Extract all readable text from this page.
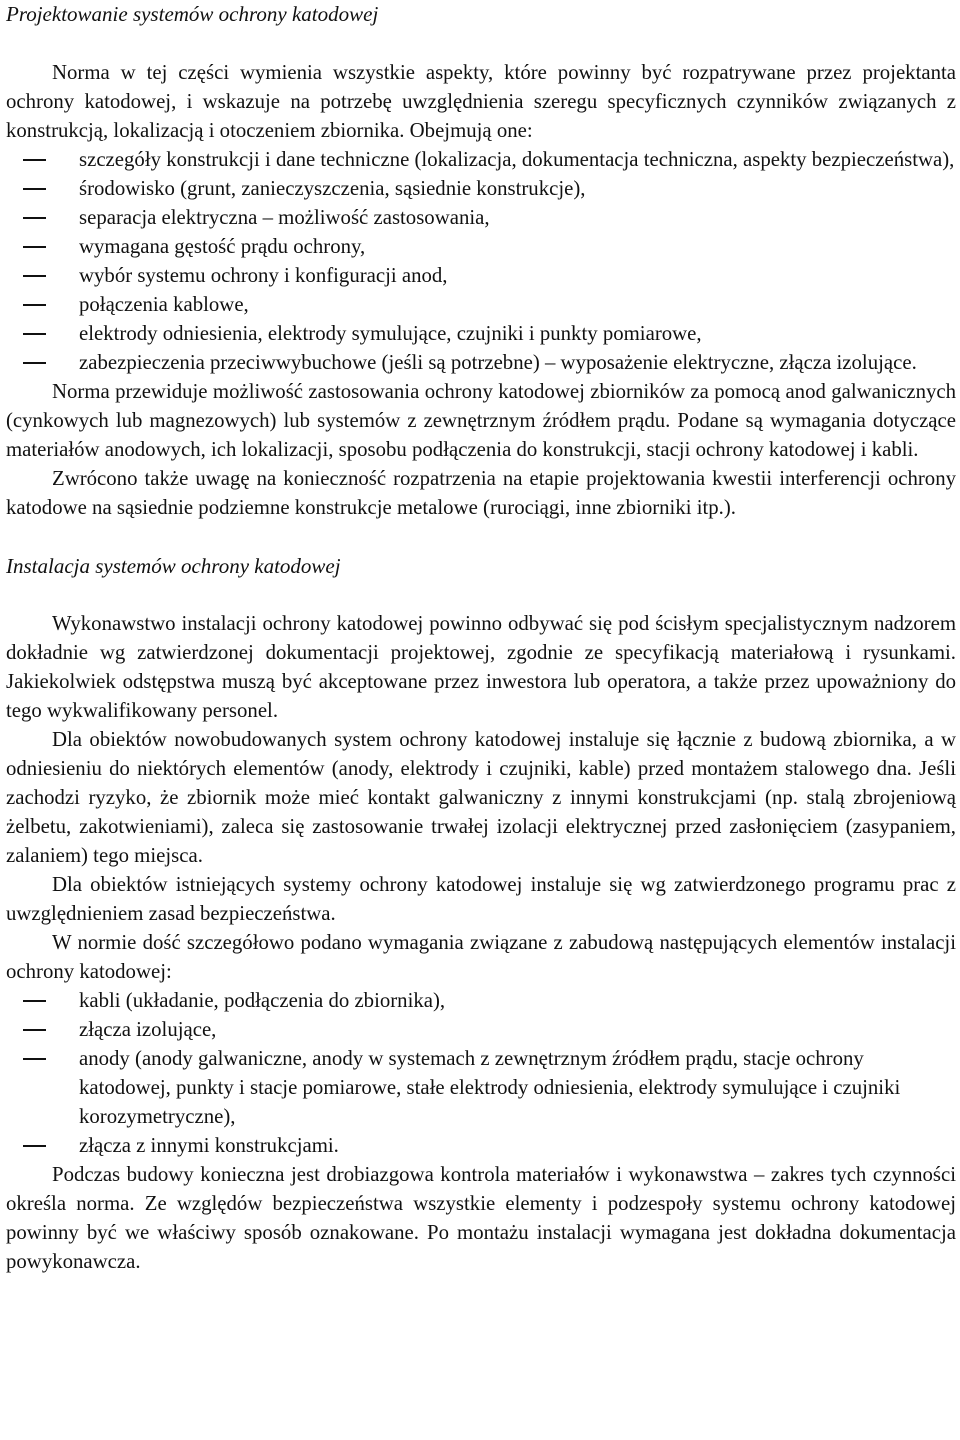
Projektowanie systemów ochrony katodowej

Norma w tej części wymienia wszystkie aspekty, które powinny być rozpatrywane przez projektanta ochrony katodowej, i wskazuje na potrzebę uwzględnienia szeregu specyficznych czynników związanych z konstrukcją, lokalizacją i otoczeniem zbiornika. Obejmują one:

szczegóły konstrukcji i dane techniczne (lokalizacja, dokumentacja techniczna, aspekty bezpieczeństwa),
środowisko (grunt, zanieczyszczenia, sąsiednie konstrukcje),
separacja elektryczna – możliwość zastosowania,
wymagana gęstość prądu ochrony,
wybór systemu ochrony i konfiguracji anod,
połączenia kablowe,
elektrody odniesienia, elektrody symulujące, czujniki i punkty pomiarowe,
zabezpieczenia przeciwwybuchowe (jeśli są potrzebne) – wyposażenie elektryczne, złącza izolujące.

Norma przewiduje możliwość zastosowania ochrony katodowej zbiorników za pomocą anod galwanicznych (cynkowych lub magnezowych) lub systemów z zewnętrznym źródłem prądu. Podane są wymagania dotyczące materiałów anodowych, ich lokalizacji, sposobu podłączenia do konstrukcji, stacji ochrony katodowej i kabli.

Zwrócono także uwagę na konieczność rozpatrzenia na etapie projektowania kwestii interferencji ochrony katodowe na sąsiednie podziemne konstrukcje metalowe (rurociągi, inne zbiorniki itp.).

Instalacja systemów ochrony katodowej

Wykonawstwo instalacji ochrony katodowej powinno odbywać się pod ścisłym specjalistycznym nadzorem dokładnie wg zatwierdzonej dokumentacji projektowej, zgodnie ze specyfikacją materiałową i rysunkami. Jakiekolwiek odstępstwa muszą być akceptowane przez inwestora lub operatora, a także przez upoważniony do tego wykwalifikowany personel.

Dla obiektów nowobudowanych system ochrony katodowej instaluje się łącznie z budową zbiornika, a w odniesieniu do niektórych elementów (anody, elektrody i czujniki, kable) przed montażem stalowego dna. Jeśli zachodzi ryzyko, że zbiornik może mieć kontakt galwaniczny z innymi konstrukcjami (np. stalą zbrojeniową żelbetu, zakotwieniami), zaleca się zastosowanie trwałej izolacji elektrycznej przed zasłonięciem (zasypaniem, zalaniem) tego miejsca.

Dla obiektów istniejących systemy ochrony katodowej instaluje się wg zatwierdzonego programu prac z uwzględnieniem zasad bezpieczeństwa.

W normie dość szczegółowo podano wymagania związane z zabudową następujących elementów instalacji ochrony katodowej:

kabli (układanie, podłączenia do zbiornika),
złącza izolujące,
anody (anody galwaniczne, anody w systemach z zewnętrznym źródłem prądu, stacje ochrony katodowej, punkty i stacje pomiarowe, stałe elektrody odniesienia, elektrody symulujące i czujniki korozymetryczne),
złącza z innymi konstrukcjami.

Podczas budowy konieczna jest drobiazgowa kontrola materiałów i wykonawstwa – zakres tych czynności określa norma. Ze względów bezpieczeństwa wszystkie elementy i podzespoły systemu ochrony katodowej powinny być we właściwy sposób oznakowane. Po montażu instalacji wymagana jest dokładna dokumentacja powykonawcza.
